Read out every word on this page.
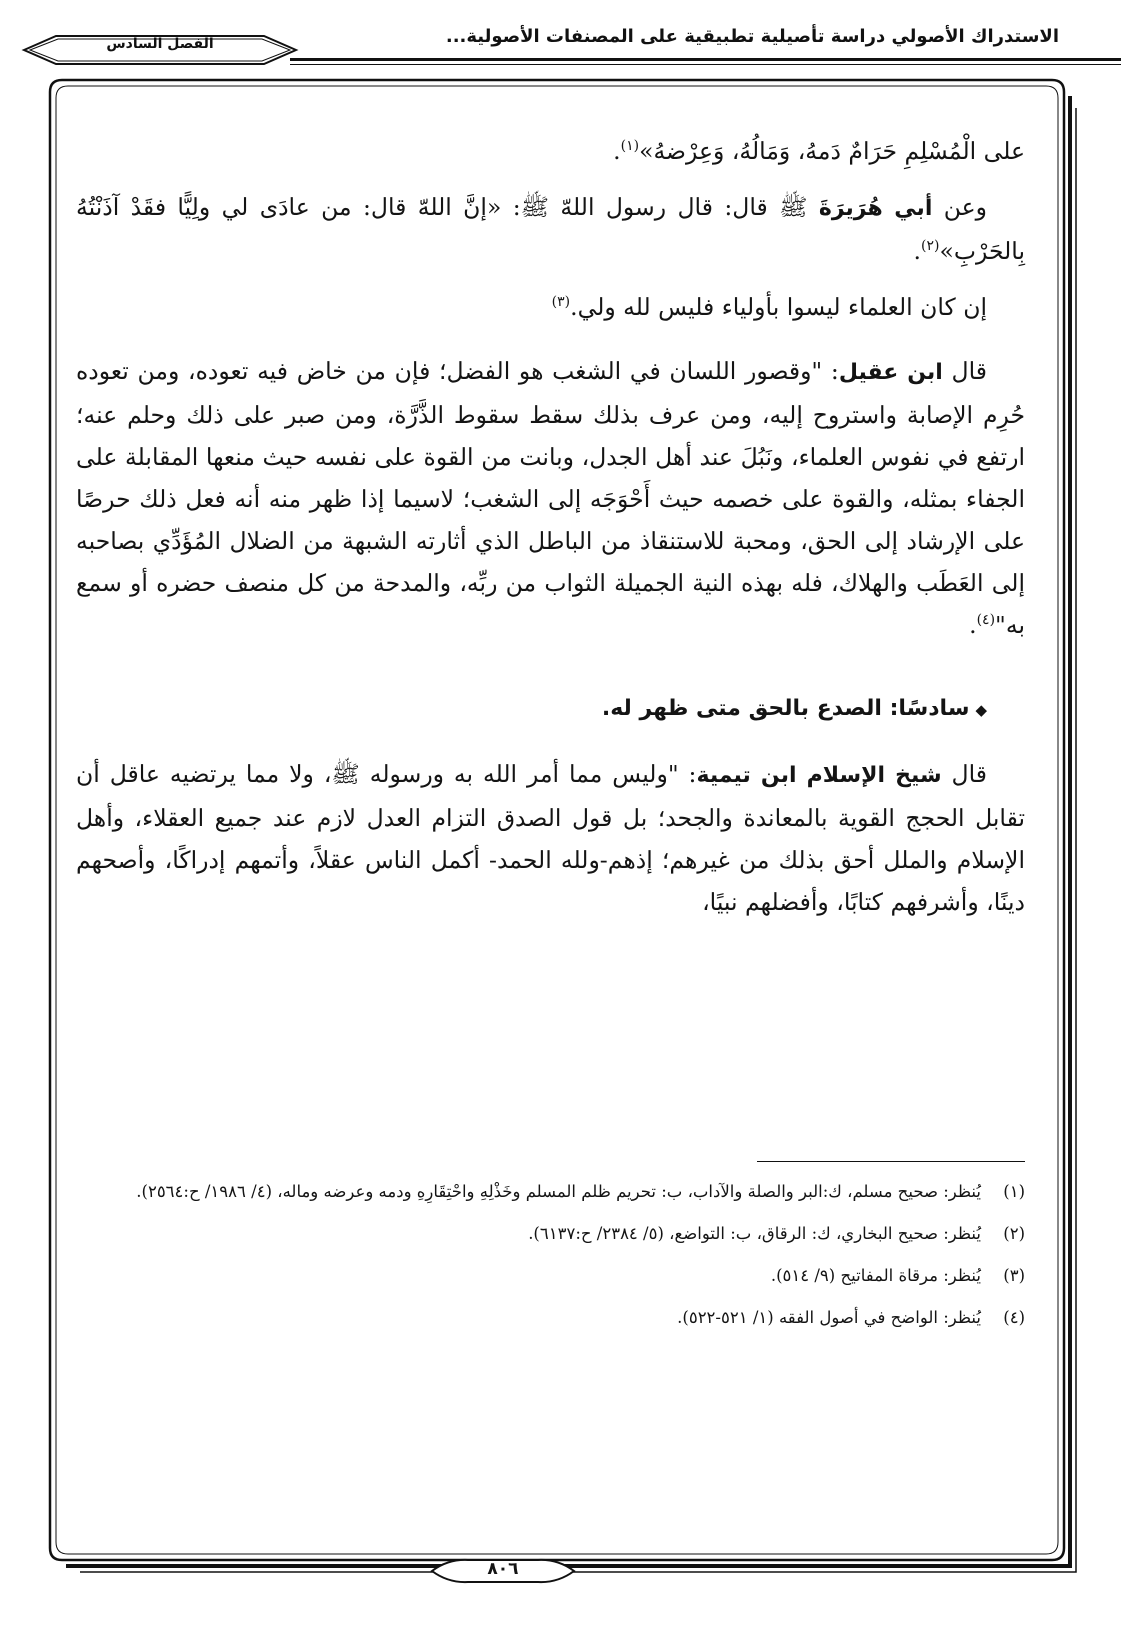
الاستدراك الأصولي دراسة تأصيلية تطبيقية على المصنفات الأصولية...
الفصل السادس

على الْمُسْلِمِ حَرَامٌ دَمهُ، وَمَالُهُ، وَعِرْضهُ»$^{(١)}$.

وعن أبي هُرَيرَةَ ﷺ قال: قال رسول اللهّ ﷺ: «إنَّ اللهّ قال: من عادَى لي ولِيًّا فقَدْ آذَنْتُهُ بِالحَرْبِ»$^{(٢)}$.

إن كان العلماء ليسوا بأولياء فليس لله ولي.$^{(٣)}$

قال ابن عقيل: "وقصور اللسان في الشغب هو الفضل؛ فإن من خاض فيه تعوده، ومن تعوده حُرِم الإصابة واستروح إليه، ومن عرف بذلك سقط سقوط الذَّرَّة، ومن صبر على ذلك وحلم عنه؛ ارتفع في نفوس العلماء، ونَبُلَ عند أهل الجدل، وبانت من القوة على نفسه حيث منعها المقابلة على الجفاء بمثله، والقوة على خصمه حيث أَحْوَجَه إلى الشغب؛ لاسيما إذا ظهر منه أنه فعل ذلك حرصًا على الإرشاد إلى الحق، ومحبة للاستنقاذ من الباطل الذي أثارته الشبهة من الضلال المُؤَدِّي بصاحبه إلى العَطَب والهلاك، فله بهذه النية الجميلة الثواب من ربِّه، والمدحة من كل منصف حضره أو سمع به"$^{(٤)}$.

◆سادسًا: الصدع بالحق متى ظهر له.

قال شيخ الإسلام ابن تيمية: "وليس مما أمر الله به ورسوله ﷺ، ولا مما يرتضيه عاقل أن تقابل الحجج القوية بالمعاندة والجحد؛ بل قول الصدق التزام العدل لازم عند جميع العقلاء، وأهل الإسلام والملل أحق بذلك من غيرهم؛ إذهم-ولله الحمد- أكمل الناس عقلاً، وأتمهم إدراكًا، وأصحهم دينًا، وأشرفهم كتابًا، وأفضلهم نبيًا،

(١)
يُنظر: صحيح مسلم، ك:البر والصلة والآداب، ب: تحريم ظلم المسلم وخَذْلِهِ واحْتِقَارِهِ ودمه وعرضه وماله، (٤/ ١٩٨٦/ ح:٢٥٦٤).
(٢)
يُنظر: صحيح البخاري، ك: الرقاق، ب: التواضع، (٥/ ٢٣٨٤/ ح:٦١٣٧).
(٣)
يُنظر: مرقاة المفاتيح (٩/ ٥١٤).
(٤)
يُنظر: الواضح في أصول الفقه (١/ ٥٢١-٥٢٢).
٨٠٦
